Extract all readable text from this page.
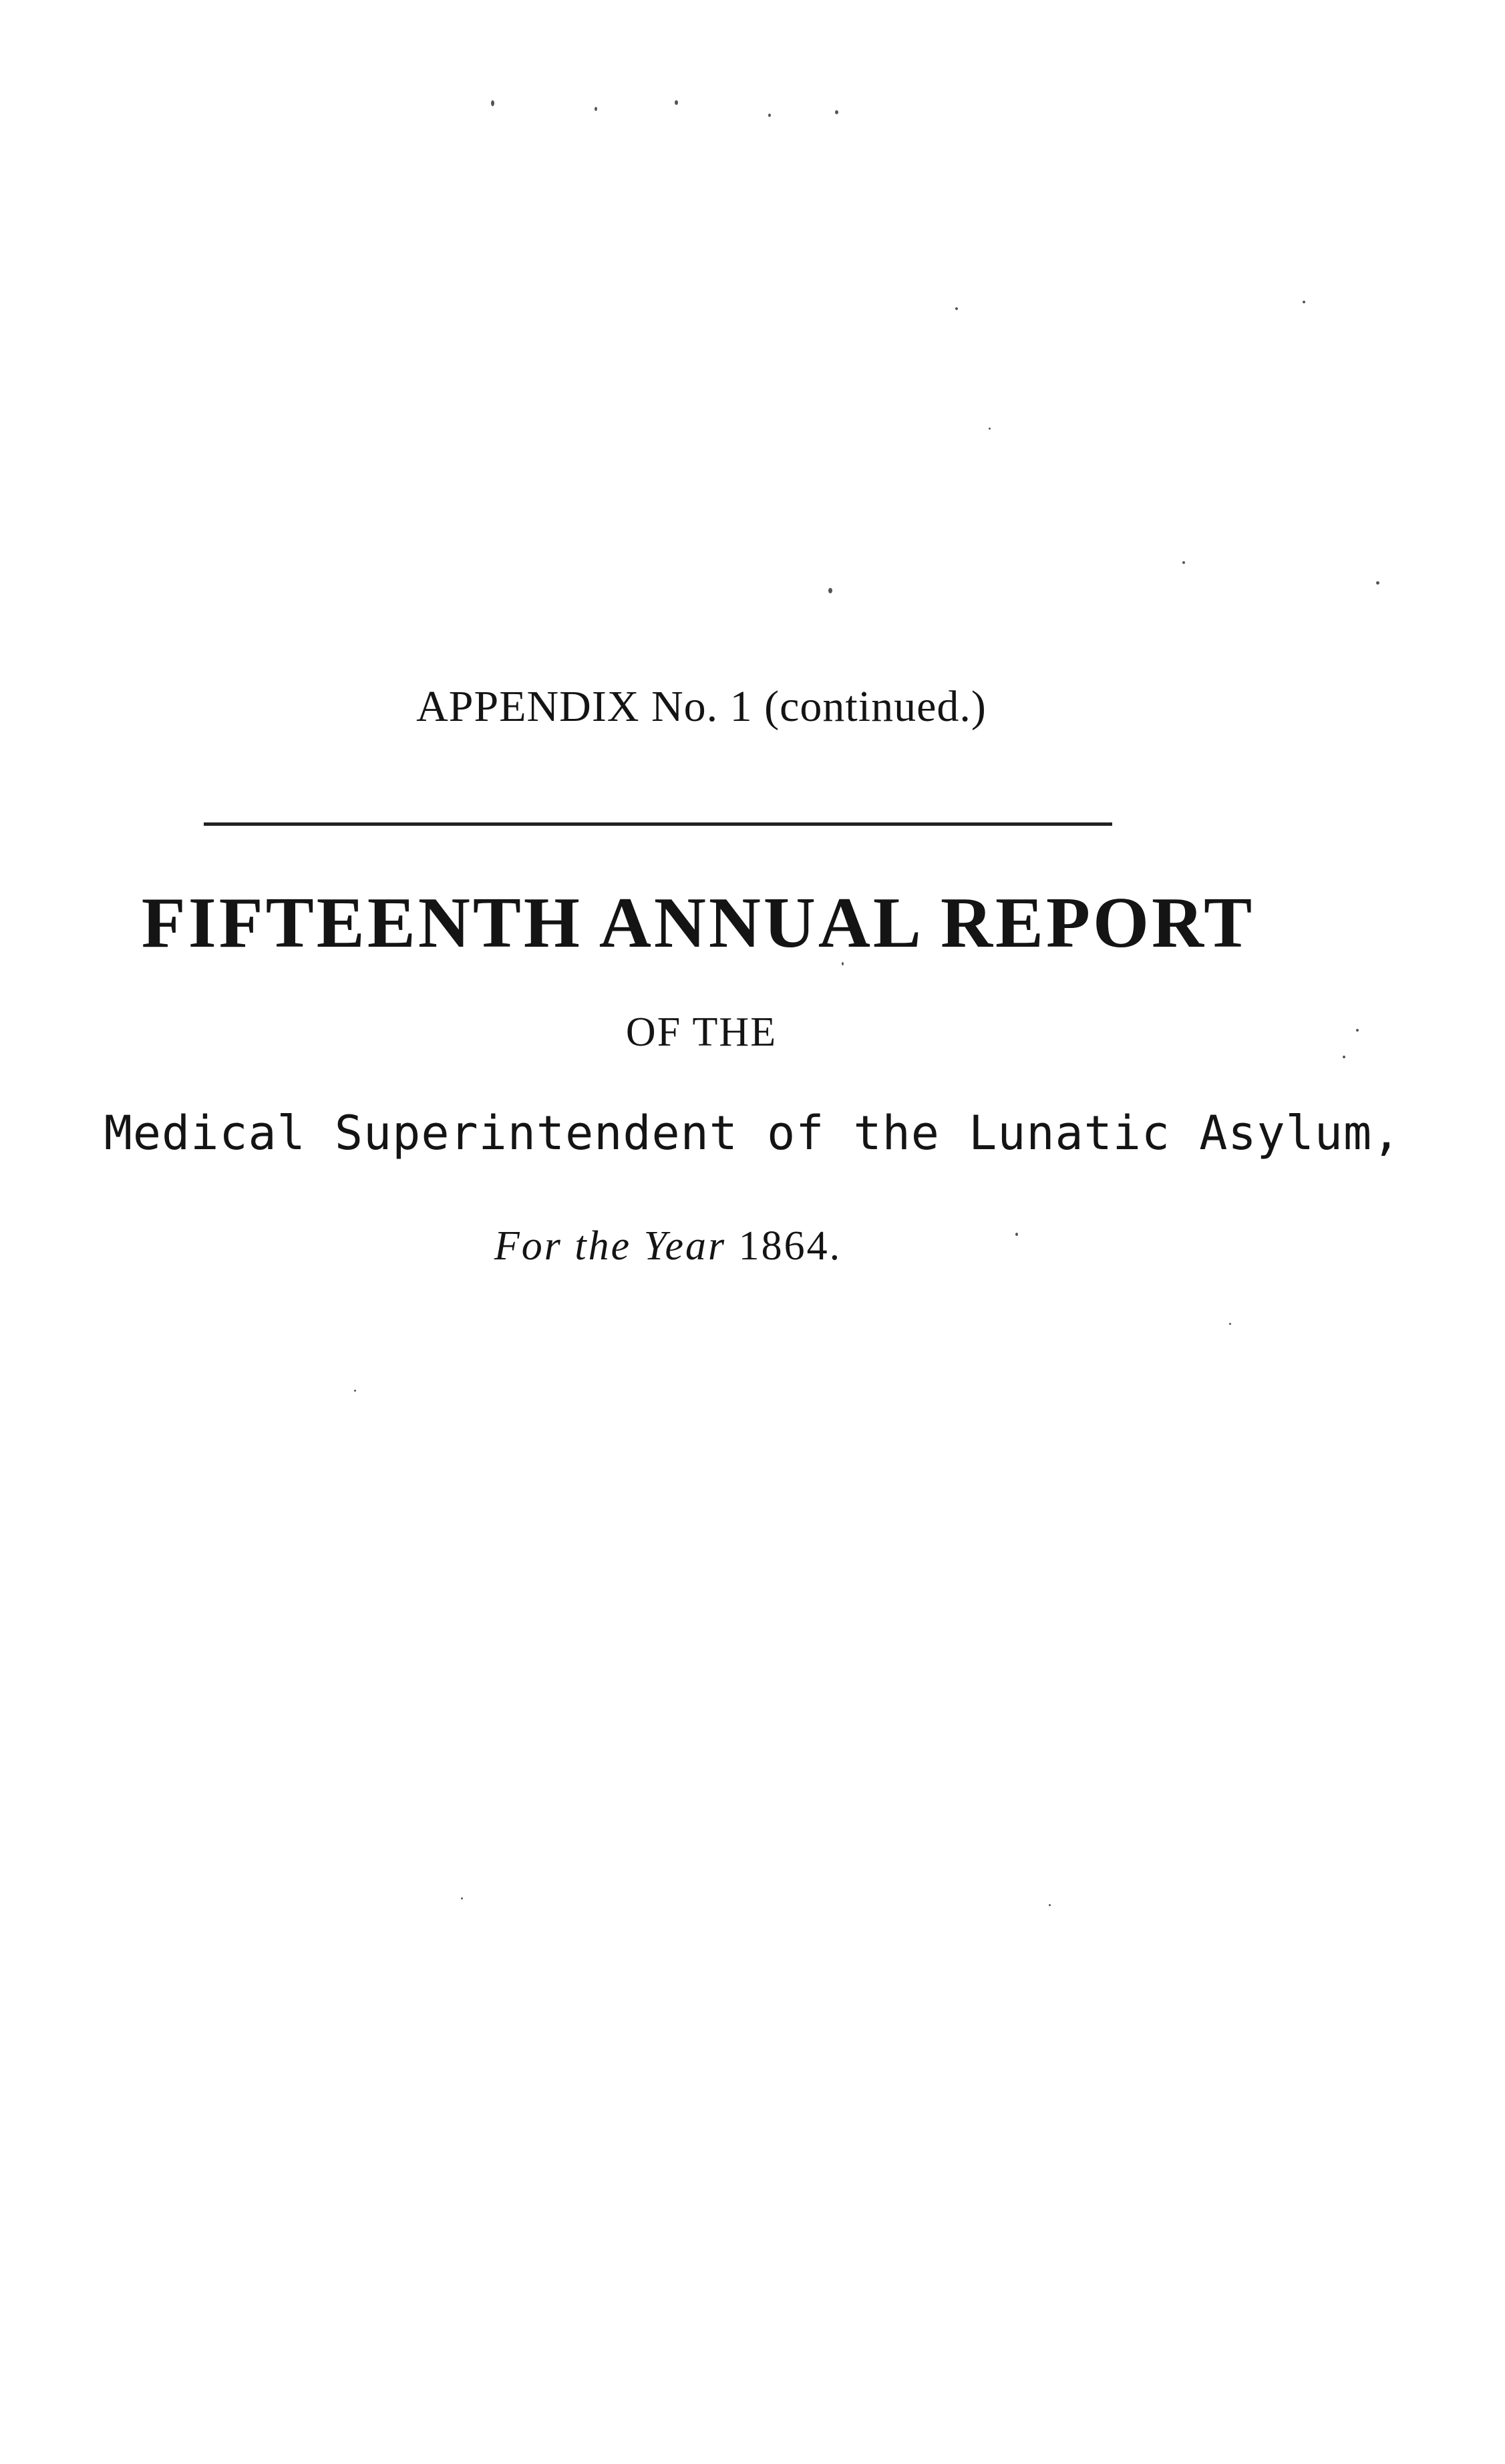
APPENDIX No. 1 (continued.)
FIFTEENTH ANNUAL REPORT
OF THE
Medical Superintendent of the Lunatic Asylum,
For the Year 1864.
